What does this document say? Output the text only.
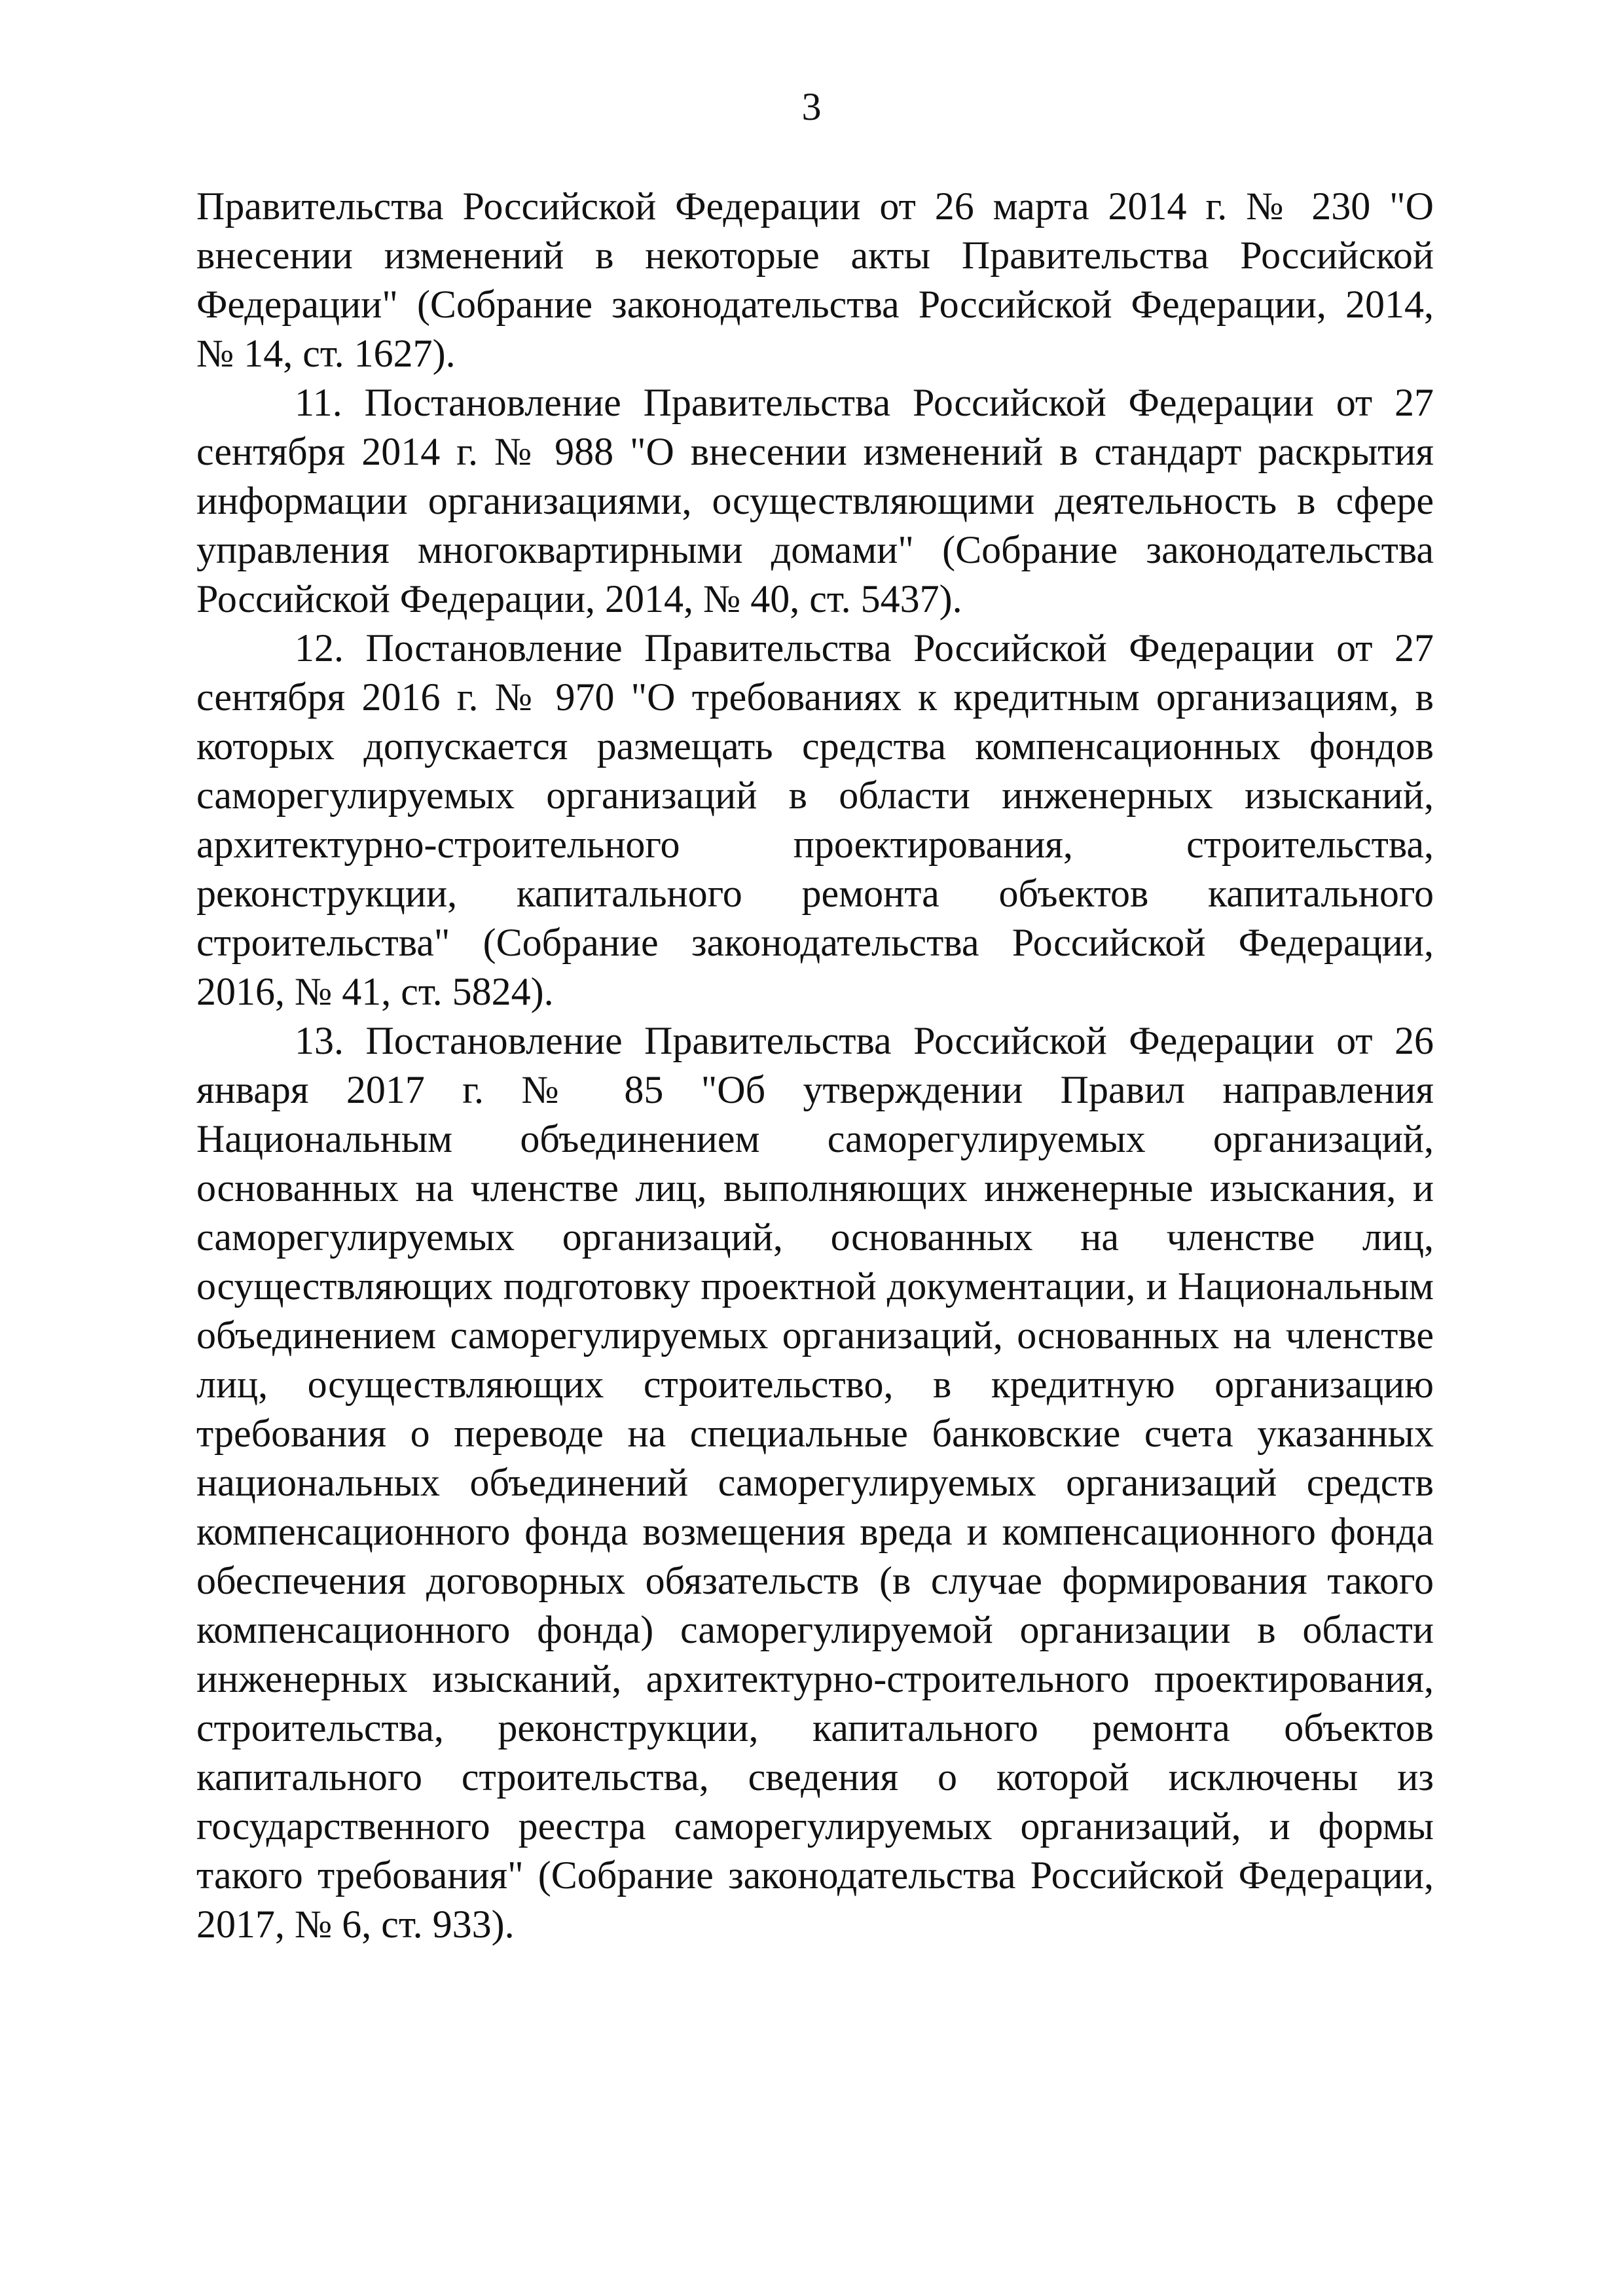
3

Правительства Российской Федерации от 26 марта 2014 г. № 230 "О внесении изменений в некоторые акты Правительства Российской Федерации" (Собрание законодательства Российской Федерации, 2014, № 14, ст. 1627).

11. Постановление Правительства Российской Федерации от 27 сентября 2014 г. № 988 "О внесении изменений в стандарт раскрытия информации организациями, осуществляющими деятельность в сфере управления многоквартирными домами" (Собрание законодательства Российской Федерации, 2014, № 40, ст. 5437).

12. Постановление Правительства Российской Федерации от 27 сентября 2016 г. № 970 "О требованиях к кредитным организациям, в которых допускается размещать средства компенсационных фондов саморегулируемых организаций в области инженерных изысканий, архитектурно-строительного проектирования, строительства, реконструкции, капитального ремонта объектов капитального строительства" (Собрание законодательства Российской Федерации, 2016, № 41, ст. 5824).

13. Постановление Правительства Российской Федерации от 26 января 2017 г. № 85 "Об утверждении Правил направления Национальным объединением саморегулируемых организаций, основанных на членстве лиц, выполняющих инженерные изыскания, и саморегулируемых организаций, основанных на членстве лиц, осуществляющих подготовку проектной документации, и Национальным объединением саморегулируемых организаций, основанных на членстве лиц, осуществляющих строительство, в кредитную организацию требования о переводе на специальные банковские счета указанных национальных объединений саморегулируемых организаций средств компенсационного фонда возмещения вреда и компенсационного фонда обеспечения договорных обязательств (в случае формирования такого компенсационного фонда) саморегулируемой организации в области инженерных изысканий, архитектурно-строительного проектирования, строительства, реконструкции, капитального ремонта объектов капитального строительства, сведения о которой исключены из государственного реестра саморегулируемых организаций, и формы такого требования" (Собрание законодательства Российской Федерации, 2017, № 6, ст. 933).
